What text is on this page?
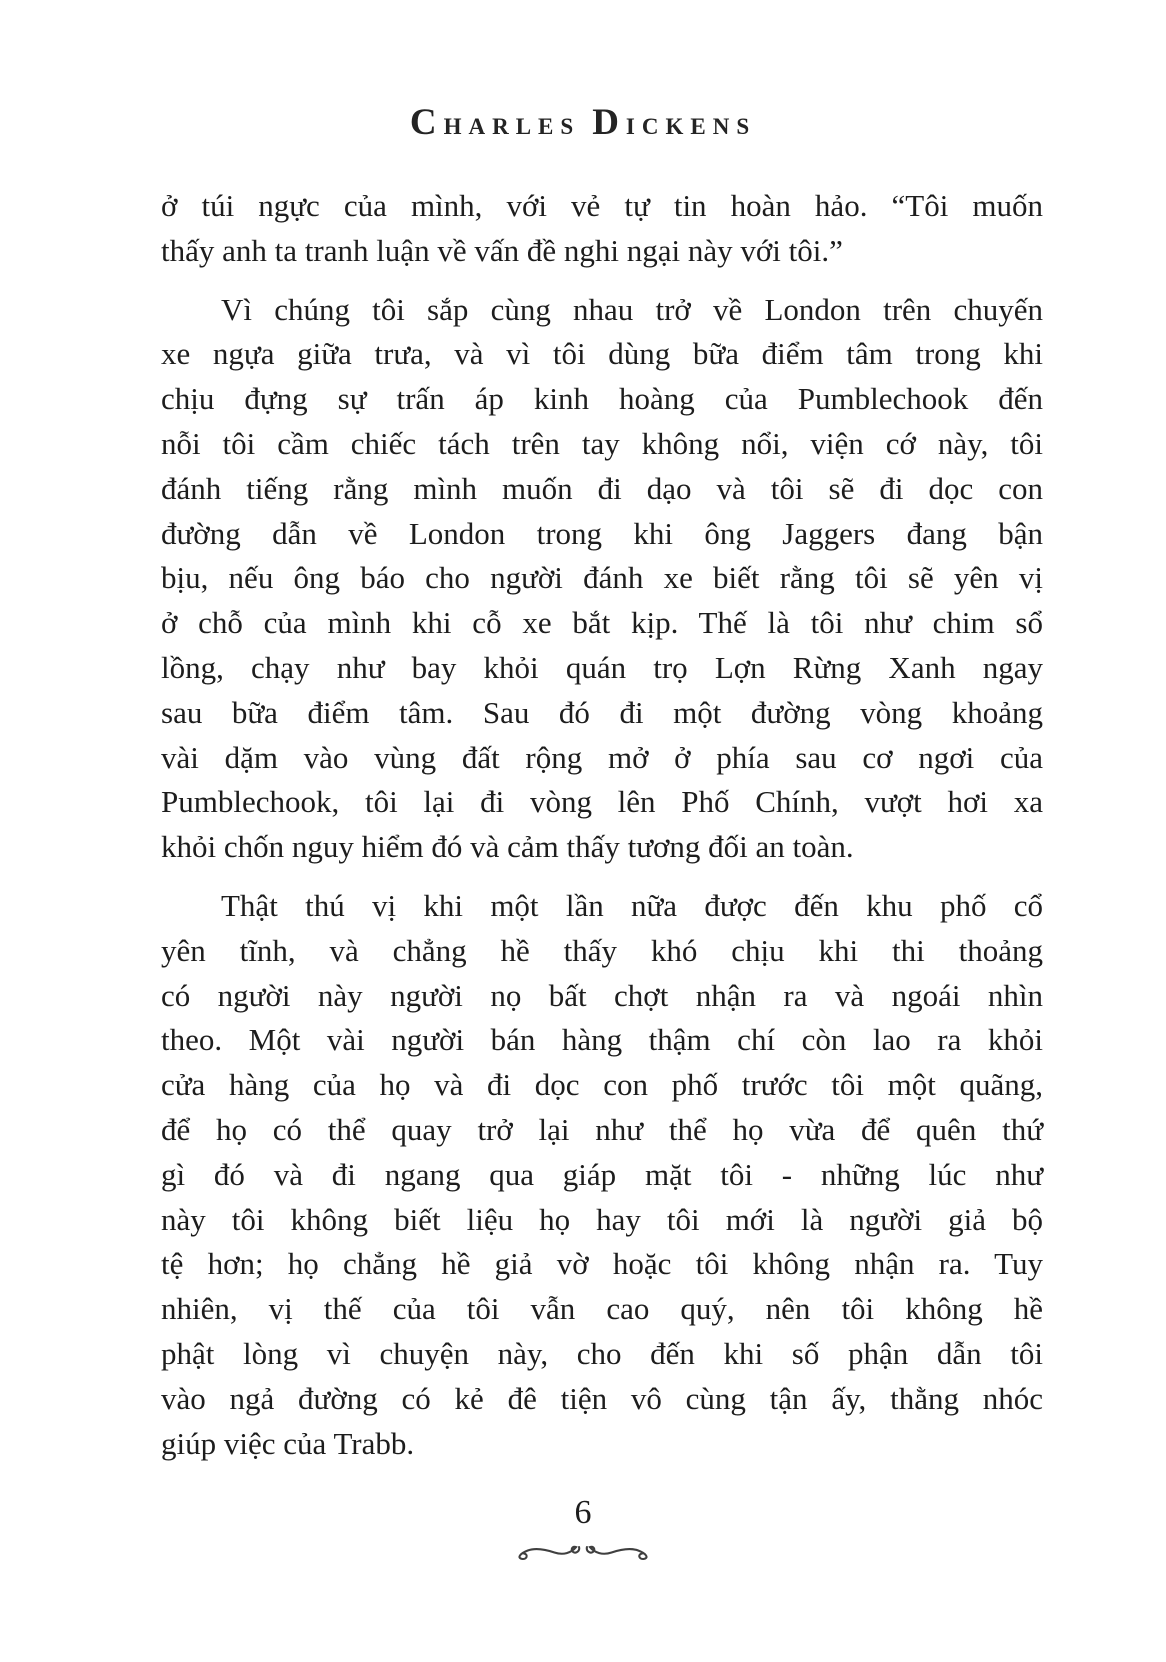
CHARLES DICKENS
ở túi ngực của mình, với vẻ tự tin hoàn hảo. “Tôi muốn
thấy anh ta tranh luận về vấn đề nghi ngại này với tôi.”
Vì chúng tôi sắp cùng nhau trở về London trên chuyến
xe ngựa giữa trưa, và vì tôi dùng bữa điểm tâm trong khi
chịu đựng sự trấn áp kinh hoàng của Pumblechook đến
nỗi tôi cầm chiếc tách trên tay không nổi, viện cớ này, tôi
đánh tiếng rằng mình muốn đi dạo và tôi sẽ đi dọc con
đường dẫn về London trong khi ông Jaggers đang bận
bịu, nếu ông báo cho người đánh xe biết rằng tôi sẽ yên vị
ở chỗ của mình khi cỗ xe bắt kịp. Thế là tôi như chim sổ
lồng, chạy như bay khỏi quán trọ Lợn Rừng Xanh ngay
sau bữa điểm tâm. Sau đó đi một đường vòng khoảng
vài dặm vào vùng đất rộng mở ở phía sau cơ ngơi của
Pumblechook, tôi lại đi vòng lên Phố Chính, vượt hơi xa
khỏi chốn nguy hiểm đó và cảm thấy tương đối an toàn.
Thật thú vị khi một lần nữa được đến khu phố cổ
yên tĩnh, và chẳng hề thấy khó chịu khi thi thoảng
có người này người nọ bất chợt nhận ra và ngoái nhìn
theo. Một vài người bán hàng thậm chí còn lao ra khỏi
cửa hàng của họ và đi dọc con phố trước tôi một quãng,
để họ có thể quay trở lại như thể họ vừa để quên thứ
gì đó và đi ngang qua giáp mặt tôi - những lúc như
này tôi không biết liệu họ hay tôi mới là người giả bộ
tệ hơn; họ chẳng hề giả vờ hoặc tôi không nhận ra. Tuy
nhiên, vị thế của tôi vẫn cao quý, nên tôi không hề
phật lòng vì chuyện này, cho đến khi số phận dẫn tôi
vào ngả đường có kẻ đê tiện vô cùng tận ấy, thằng nhóc
giúp việc của Trabb.
6
